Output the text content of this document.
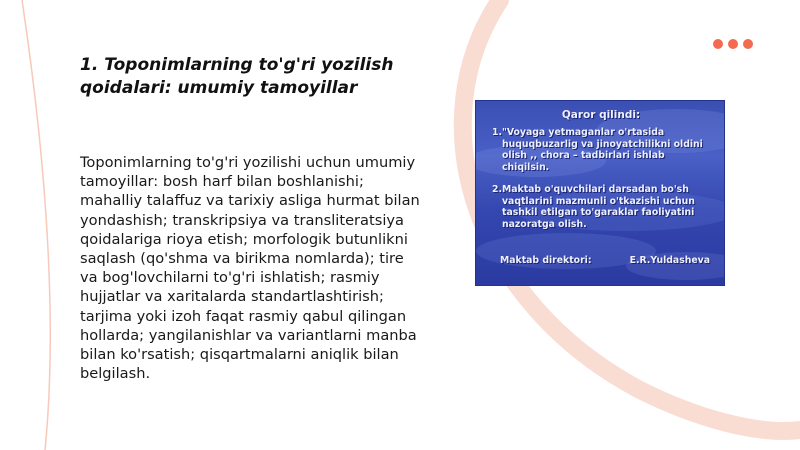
1. Toponimlarning to'g'ri yozilish qoidalari: umumiy tamoyillar

Toponimlarning to'g'ri yozilishi uchun umumiy tamoyillar: bosh harf bilan boshlanishi; mahalliy talaffuz va tarixiy asliga hurmat bilan yondashish; transkripsiya va transliteratsiya qoidalariga rioya etish; morfologik butunlikni saqlash (qo'shma va birikma nomlarda); tire va bog'lovchilarni to'g'ri ishlatish; rasmiy hujjatlar va xaritalarda standartlashtirish; tarjima yoki izoh faqat rasmiy qabul qilingan hollarda; yangilanishlar va variantlarni manba bilan ko'rsatish; qisqartmalarni aniqlik bilan belgilash.

Qaror qilindi:
1. "Voyaga yetmaganlar o'rtasida huquqbuzarlig va jinoyatchilikni oldini olish ,, chora – tadbirlari ishlab chiqilsin.
2. Maktab o'quvchilari darsadan bo'sh vaqtlarini mazmunli o'tkazishi uchun tashkil etilgan to'garaklar faoliyatini nazoratga olish.
Maktab direktori:	E.R.Yuldasheva
